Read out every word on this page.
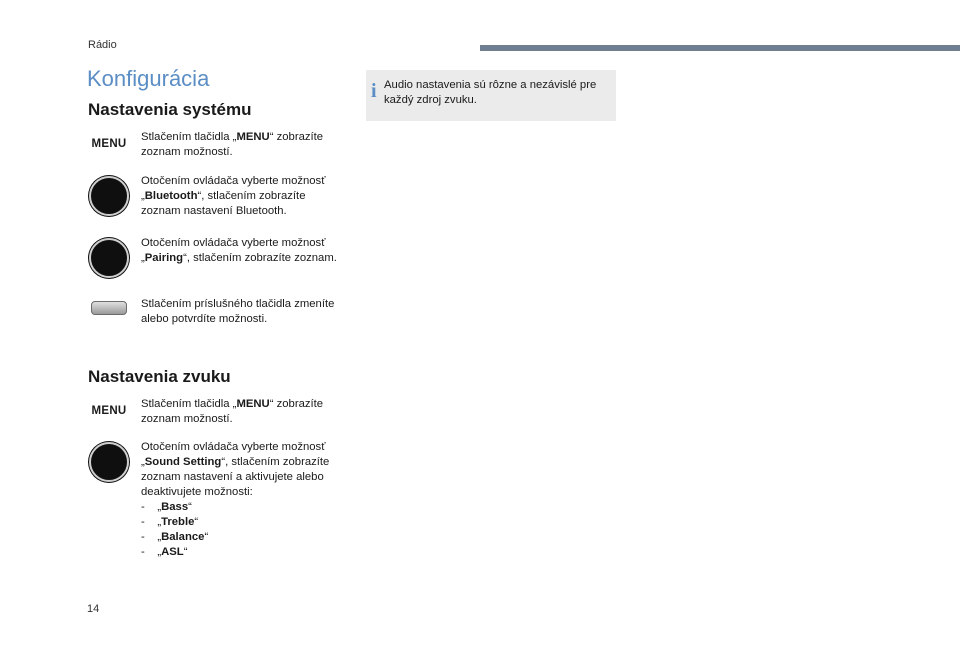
Rádio
Konfigurácia
Nastavenia systému
MENU
Stlačením tlačidla „MENU“ zobrazíte zoznam možností.
Otočením ovládača vyberte možnosť „Bluetooth“, stlačením zobrazíte zoznam nastavení Bluetooth.
Otočením ovládača vyberte možnosť „Pairing“, stlačením zobrazíte zoznam.
Stlačením príslušného tlačidla zmeníte alebo potvrdíte možnosti.
Nastavenia zvuku
MENU
Stlačením tlačidla „MENU“ zobrazíte zoznam možností.
Otočením ovládača vyberte možnosť „Sound Setting“, stlačením zobrazíte zoznam nastavení a aktivujete alebo deaktivujete možnosti:
- „Bass“
- „Treble“
- „Balance“
- „ASL“
i Audio nastavenia sú rôzne a nezávislé pre každý zdroj zvuku.
14
